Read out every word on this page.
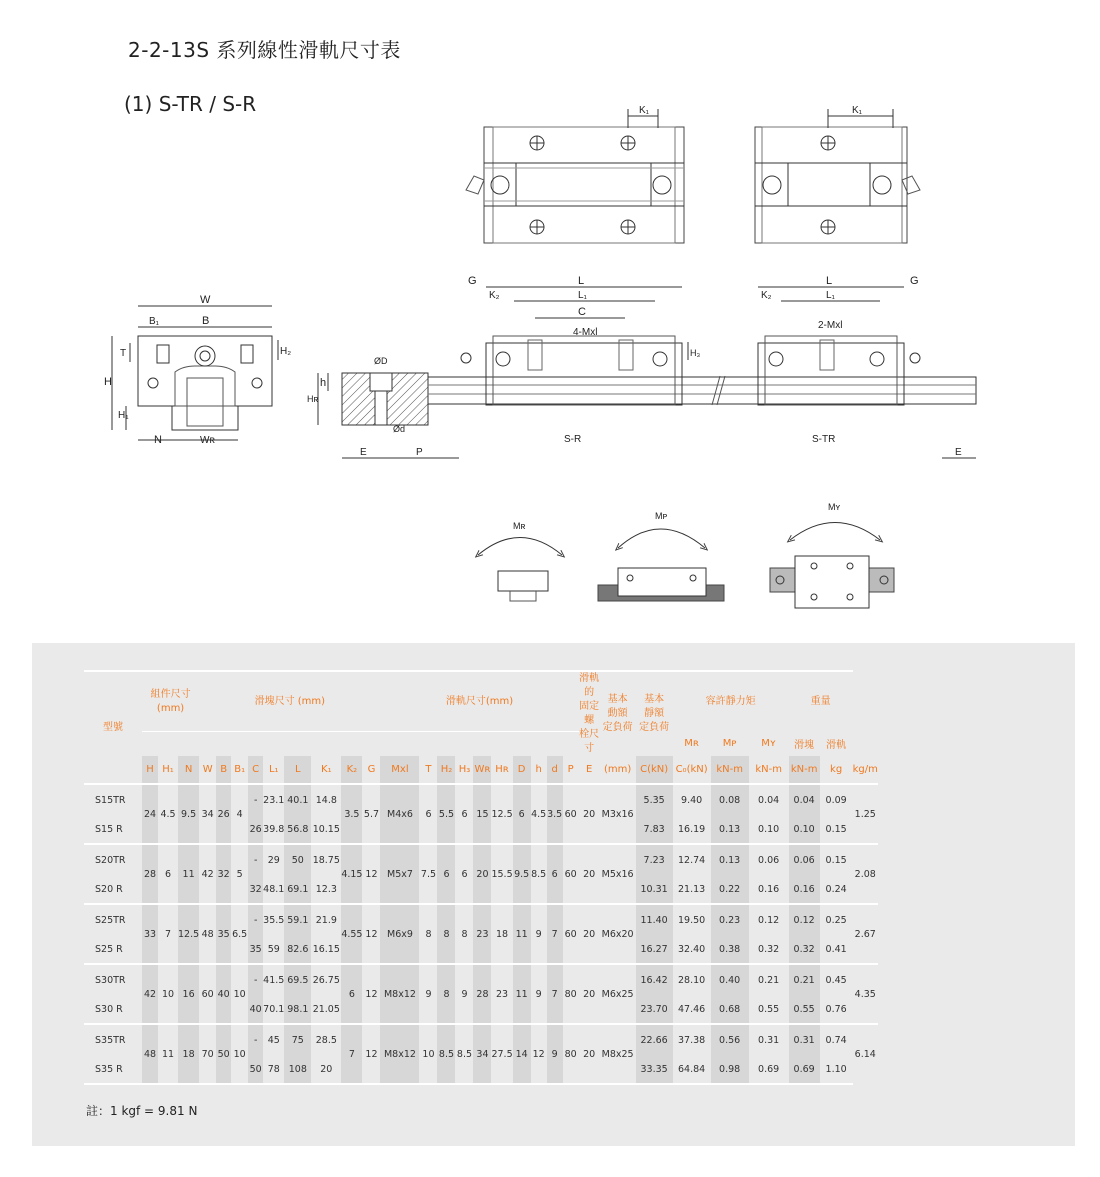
2-2-13S 系列線性滑軌尺寸表
(1) S-TR / S-R	K₁	K₁
W
B₁	B
H
T
H₁
H₂
N	Wʀ
ØD
Ød
h
Hʀ
E	P
L
L₁
C
G
K₂
4-Mxl
H₃
S-R
L
L₁
G
K₂
2-Mxl
S-TR
E
Mʀ
Mᴘ
Mʏ
型號	組件尺寸
(mm)			滑塊尺寸 (mm)									滑軌尺寸(mm)										滑軌的
固定螺
栓尺寸	基本
動額
定負荷	基本
靜額
定負荷	容許靜力矩			重量		
																										Mʀ	Mᴘ	Mʏ	滑塊	滑軌	
	H	H₁	N	W	B	B₁	C	L₁	L	K₁	K₂	G	Mxl	T	H₂	H₃	Wʀ	Hʀ	D	h	d	P	E	(mm)	C(kN)	C₀(kN)	kN-m	kN-m	kN-m	kg	kg/m
S15TR	24	4.5	9.5	34	26	4	-	23.1	40.1	14.8	3.5	5.7	M4x6	6	5.5	6	15	12.5	6	4.5	3.5	60	20	M3x16	5.35	9.40	0.08	0.04	0.04	0.09	1.25
S15 R							26	39.8	56.8	10.15															7.83	16.19	0.13	0.10	0.10	0.15	
S20TR	28	6	11	42	32	5	-	29	50	18.75	4.15	12	M5x7	7.5	6	6	20	15.5	9.5	8.5	6	60	20	M5x16	7.23	12.74	0.13	0.06	0.06	0.15	2.08
S20 R							32	48.1	69.1	12.3															10.31	21.13	0.22	0.16	0.16	0.24	
S25TR	33	7	12.5	48	35	6.5	-	35.5	59.1	21.9	4.55	12	M6x9	8	8	8	23	18	11	9	7	60	20	M6x20	11.40	19.50	0.23	0.12	0.12	0.25	2.67
S25 R							35	59	82.6	16.15															16.27	32.40	0.38	0.32	0.32	0.41	
S30TR	42	10	16	60	40	10	-	41.5	69.5	26.75	6	12	M8x12	9	8	9	28	23	11	9	7	80	20	M6x25	16.42	28.10	0.40	0.21	0.21	0.45	4.35
S30 R							40	70.1	98.1	21.05															23.70	47.46	0.68	0.55	0.55	0.76	
S35TR	48	11	18	70	50	10	-	45	75	28.5	7	12	M8x12	10	8.5	8.5	34	27.5	14	12	9	80	20	M8x25	22.66	37.38	0.56	0.31	0.31	0.74	6.14
S35 R							50	78	108	20															33.35	64.84	0.98	0.69	0.69	1.10	

註：1 kgf = 9.81 N
